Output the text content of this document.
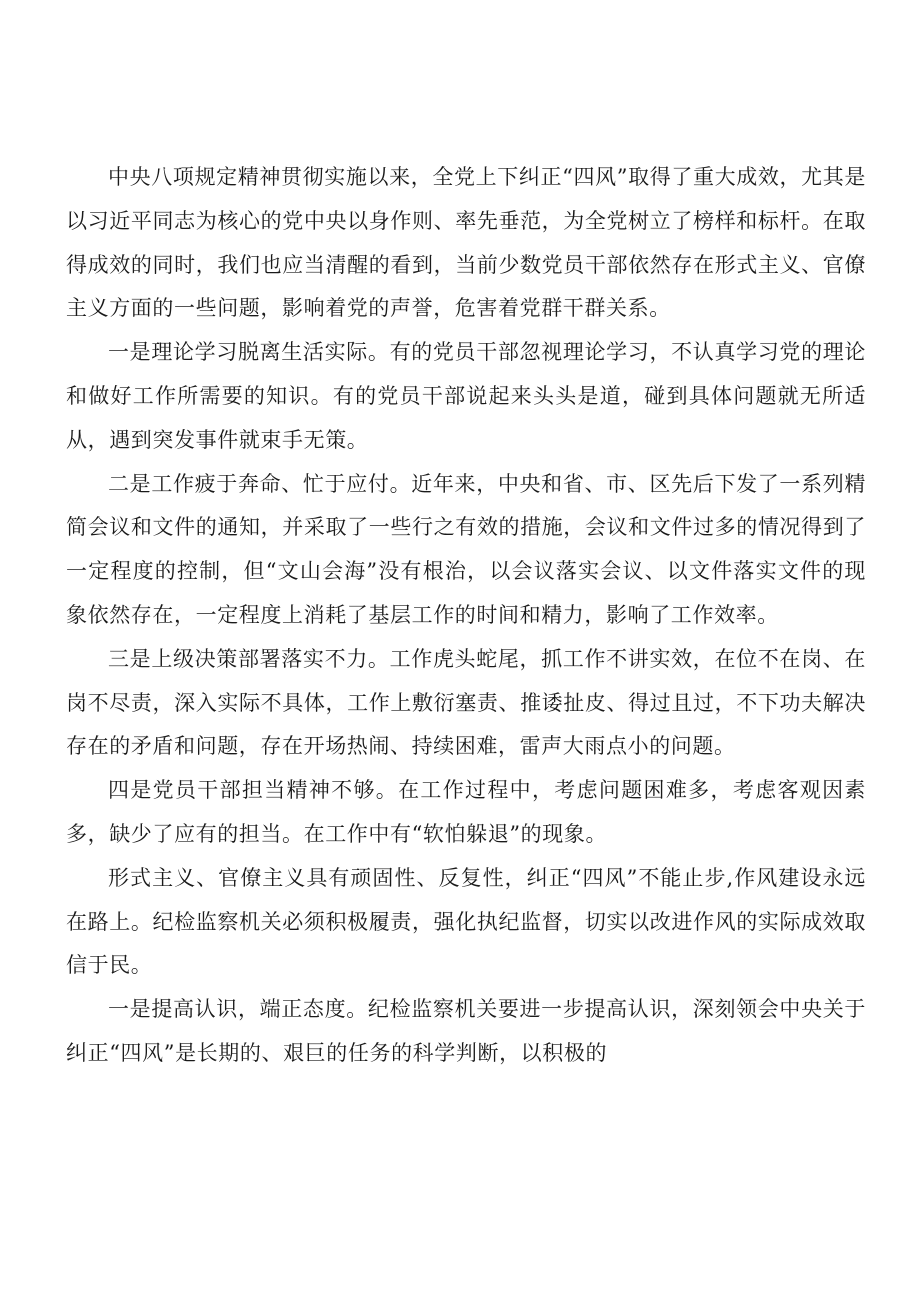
中央八项规定精神贯彻实施以来，全党上下纠正“四风”取得了重大成效，尤其是以习近平同志为核心的党中央以身作则、率先垂范，为全党树立了榜样和标杆。在取得成效的同时，我们也应当清醒的看到，当前少数党员干部依然存在形式主义、官僚主义方面的一些问题，影响着党的声誉，危害着党群干群关系。

一是理论学习脱离生活实际。有的党员干部忽视理论学习，不认真学习党的理论和做好工作所需要的知识。有的党员干部说起来头头是道，碰到具体问题就无所适从，遇到突发事件就束手无策。

二是工作疲于奔命、忙于应付。近年来，中央和省、市、区先后下发了一系列精简会议和文件的通知，并采取了一些行之有效的措施，会议和文件过多的情况得到了一定程度的控制，但“文山会海”没有根治，以会议落实会议、以文件落实文件的现象依然存在，一定程度上消耗了基层工作的时间和精力，影响了工作效率。

三是上级决策部署落实不力。工作虎头蛇尾，抓工作不讲实效，在位不在岗、在岗不尽责，深入实际不具体，工作上敷衍塞责、推诿扯皮、得过且过，不下功夫解决存在的矛盾和问题，存在开场热闹、持续困难，雷声大雨点小的问题。

四是党员干部担当精神不够。在工作过程中，考虑问题困难多，考虑客观因素多，缺少了应有的担当。在工作中有“软怕躲退”的现象。

形式主义、官僚主义具有顽固性、反复性，纠正“四风”不能止步,作风建设永远在路上。纪检监察机关必须积极履责，强化执纪监督，切实以改进作风的实际成效取信于民。

一是提高认识，端正态度。纪检监察机关要进一步提高认识，深刻领会中央关于纠正“四风”是长期的、艰巨的任务的科学判断，以积极的
